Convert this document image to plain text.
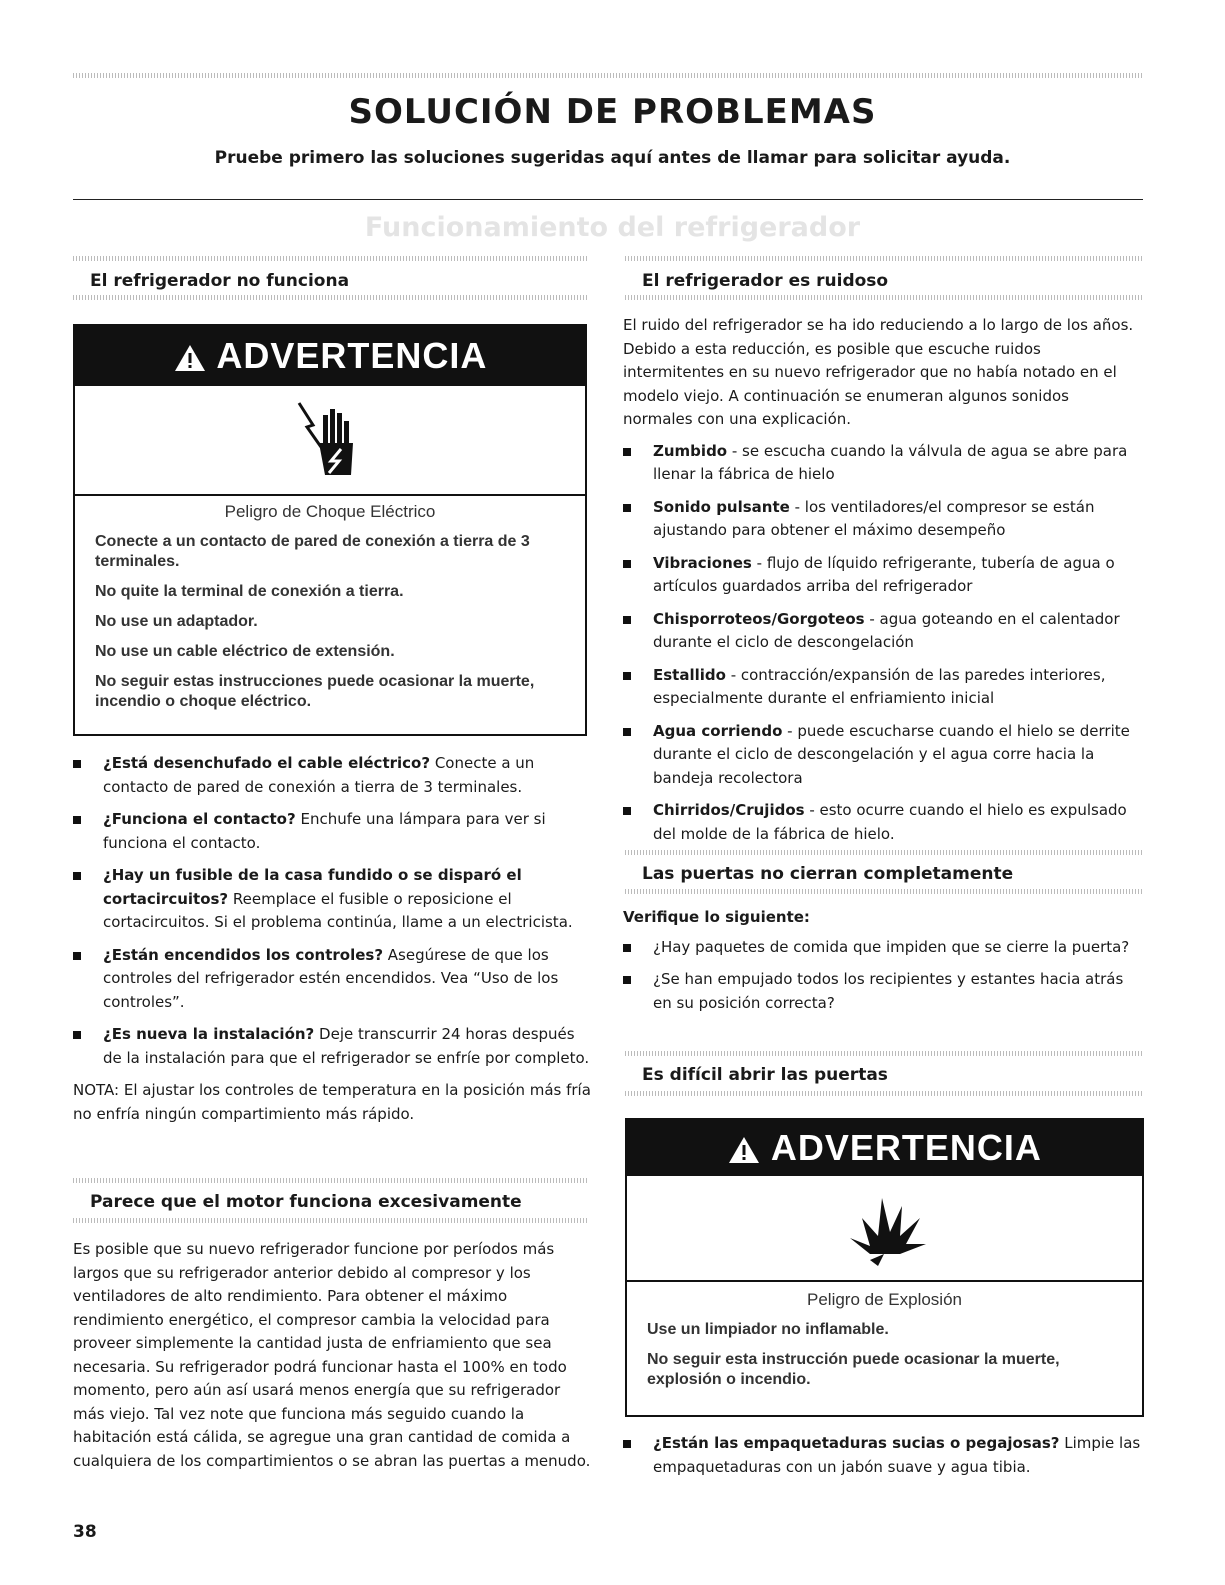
SOLUCIÓN DE PROBLEMAS

Pruebe primero las soluciones sugeridas aquí antes de llamar para solicitar ayuda.

Funcionamiento del refrigerador
El refrigerador no funciona
ADVERTENCIA
Peligro de Choque Eléctrico
Conecte a un contacto de pared de conexión a tierra de 3 terminales.
No quite la terminal de conexión a tierra.
No use un adaptador.
No use un cable eléctrico de extensión.
No seguir estas instrucciones puede ocasionar la muerte, incendio o choque eléctrico.
¿Está desenchufado el cable eléctrico? Conecte a un contacto de pared de conexión a tierra de 3 terminales.
¿Funciona el contacto? Enchufe una lámpara para ver si funciona el contacto.
¿Hay un fusible de la casa fundido o se disparó el cortacircuitos? Reemplace el fusible o reposicione el cortacircuitos. Si el problema continúa, llame a un electricista.
¿Están encendidos los controles? Asegúrese de que los controles del refrigerador estén encendidos. Vea “Uso de los controles”.
¿Es nueva la instalación? Deje transcurrir 24 horas después de la instalación para que el refrigerador se enfríe por completo.

NOTA: El ajustar los controles de temperatura en la posición más fría no enfría ningún compartimiento más rápido.

Parece que el motor funciona excesivamente

Es posible que su nuevo refrigerador funcione por períodos más largos que su refrigerador anterior debido al compresor y los ventiladores de alto rendimiento. Para obtener el máximo rendimiento energético, el compresor cambia la velocidad para proveer simplemente la cantidad justa de enfriamiento que sea necesaria. Su refrigerador podrá funcionar hasta el 100% en todo momento, pero aún así usará menos energía que su refrigerador más viejo. Tal vez note que funciona más seguido cuando la habitación está cálida, se agregue una gran cantidad de comida a cualquiera de los compartimientos o se abran las puertas a menudo.

El refrigerador es ruidoso

El ruido del refrigerador se ha ido reduciendo a lo largo de los años. Debido a esta reducción, es posible que escuche ruidos intermitentes en su nuevo refrigerador que no había notado en el modelo viejo. A continuación se enumeran algunos sonidos normales con una explicación.

Zumbido - se escucha cuando la válvula de agua se abre para llenar la fábrica de hielo
Sonido pulsante - los ventiladores/el compresor se están ajustando para obtener el máximo desempeño
Vibraciones - flujo de líquido refrigerante, tubería de agua o artículos guardados arriba del refrigerador
Chisporroteos/Gorgoteos - agua goteando en el calentador durante el ciclo de descongelación
Estallido - contracción/expansión de las paredes interiores, especialmente durante el enfriamiento inicial
Agua corriendo - puede escucharse cuando el hielo se derrite durante el ciclo de descongelación y el agua corre hacia la bandeja recolectora
Chirridos/Crujidos - esto ocurre cuando el hielo es expulsado del molde de la fábrica de hielo.
Las puertas no cierran completamente

Verifique lo siguiente:

¿Hay paquetes de comida que impiden que se cierre la puerta?
¿Se han empujado todos los recipientes y estantes hacia atrás en su posición correcta?
Es difícil abrir las puertas
ADVERTENCIA
Peligro de Explosión
Use un limpiador no inflamable.
No seguir esta instrucción puede ocasionar la muerte, explosión o incendio.
¿Están las empaquetaduras sucias o pegajosas? Limpie las empaquetaduras con un jabón suave y agua tibia.

38
